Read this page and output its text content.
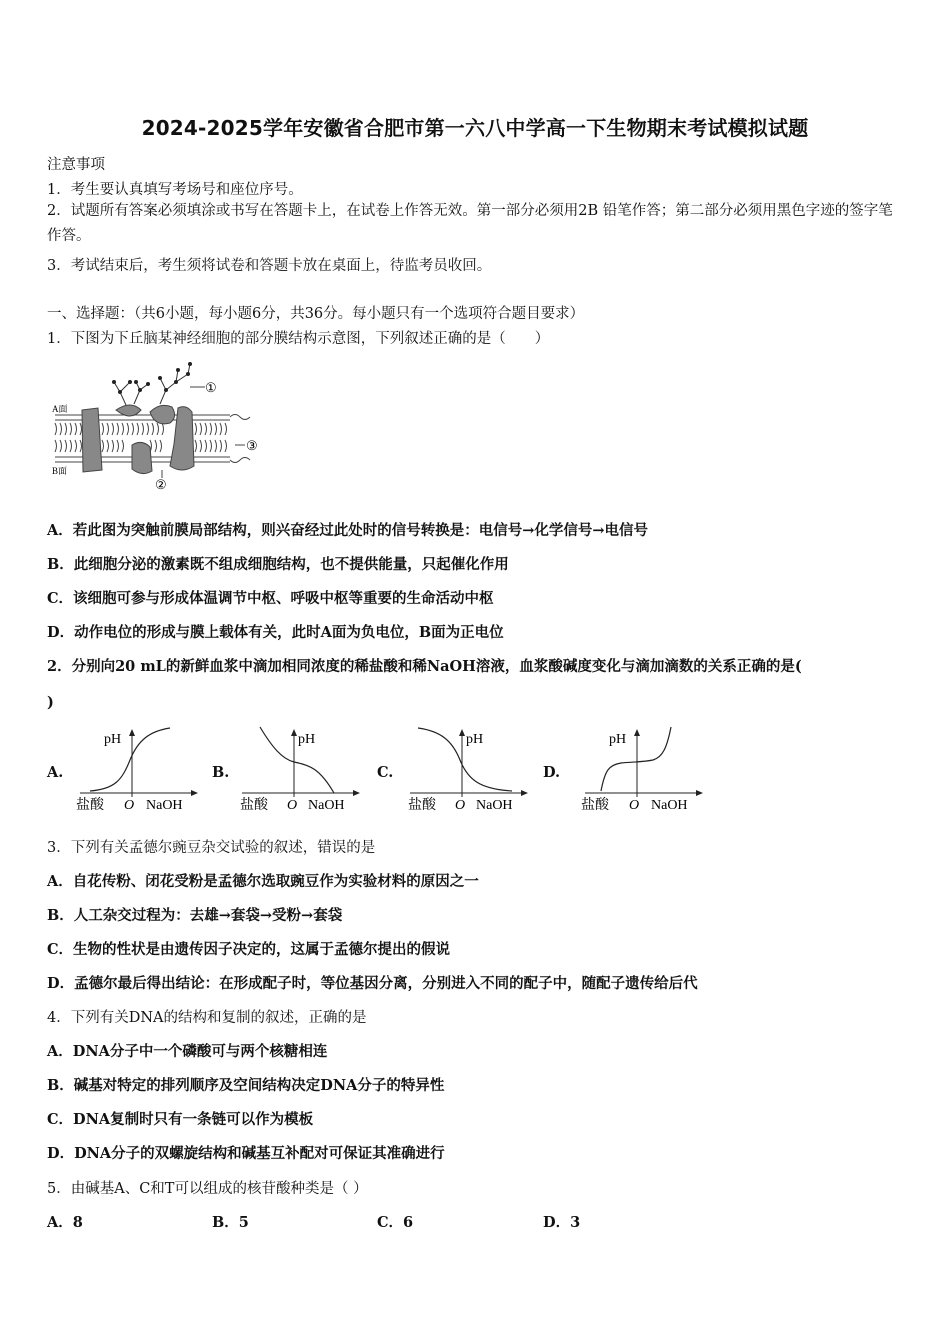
2024-2025学年安徽省合肥市第一六八中学高一下生物期末考试模拟试题
注意事项
1．考生要认真填写考场号和座位序号。
2．试题所有答案必须填涂或书写在答题卡上，在试卷上作答无效。第一部分必须用2B 铅笔作答；第二部分必须用黑色字迹的签字笔作答。
3．考试结束后，考生须将试卷和答题卡放在桌面上，待监考员收回。
一、选择题：（共6小题，每小题6分，共36分。每小题只有一个选项符合题目要求）
1．下图为下丘脑某神经细胞的部分膜结构示意图，下列叙述正确的是（　　）
A面
B面
①
②
③
A．若此图为突触前膜局部结构，则兴奋经过此处时的信号转换是：电信号→化学信号→电信号
B．此细胞分泌的激素既不组成细胞结构，也不提供能量，只起催化作用
C．该细胞可参与形成体温调节中枢、呼吸中枢等重要的生命活动中枢
D．动作电位的形成与膜上载体有关，此时A面为负电位，B面为正电位
2．分别向20 mL的新鲜血浆中滴加相同浓度的稀盐酸和稀NaOH溶液，血浆酸碱度变化与滴加滴数的关系正确的是(
)
A.
pH
盐酸 O NaOH
B.
pH
盐酸 O NaOH
C.
pH
盐酸 O NaOH
D.
pH
盐酸 O NaOH
3．下列有关孟德尔豌豆杂交试验的叙述，错误的是
A．自花传粉、闭花受粉是孟德尔选取豌豆作为实验材料的原因之一
B．人工杂交过程为：去雄→套袋→受粉→套袋
C．生物的性状是由遗传因子决定的，这属于孟德尔提出的假说
D．孟德尔最后得出结论：在形成配子时，等位基因分离，分别进入不同的配子中，随配子遗传给后代
4．下列有关DNA的结构和复制的叙述，正确的是
A．DNA分子中一个磷酸可与两个核糖相连
B．碱基对特定的排列顺序及空间结构决定DNA分子的特异性
C．DNA复制时只有一条链可以作为模板
D．DNA分子的双螺旋结构和碱基互补配对可保证其准确进行
5．由碱基A、C和T可以组成的核苷酸种类是（ ）
A．8	B．5	C．6	D．3
